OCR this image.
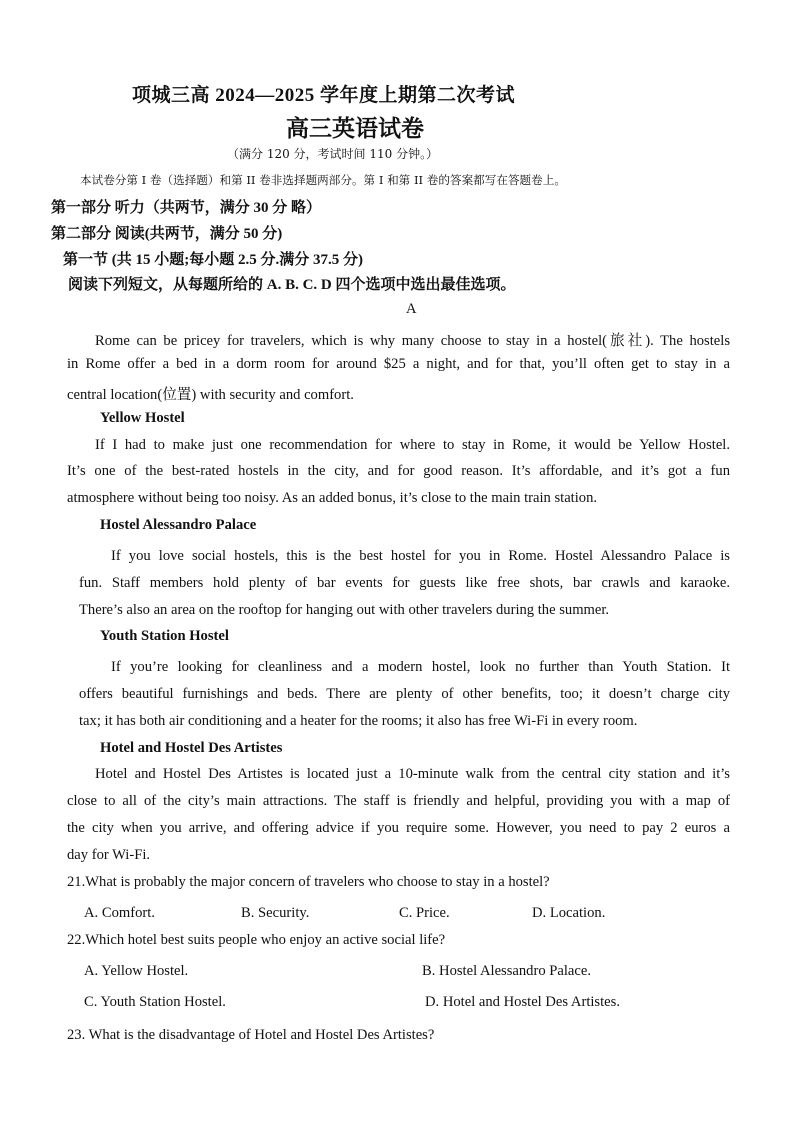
项城三高 2024—2025 学年度上期第二次考试
高三英语试卷
（满分 120 分，考试时间 110 分钟。）
本试卷分第 I 卷（选择题）和第 II 卷非选择题两部分。第 I 和第 II 卷的答案都写在答题卷上。
第一部分 听力（共两节，满分 30 分 略）
第二部分 阅读(共两节，满分 50 分)
第一节 (共 15 小题;每小题 2.5 分.满分 37.5 分)
阅读下列短文，从每题所给的 A. B. C. D 四个选项中选出最佳选项。
A
Rome can be pricey for travelers, which is why many choose to stay in a hostel(旅社). The hostels
in Rome offer a bed in a dorm room for around $25 a night, and for that, you’ll often get to stay in a
central location(位置) with security and comfort.
Yellow Hostel
If I had to make just one recommendation for where to stay in Rome, it would be Yellow Hostel.
It’s one of the best-rated hostels in the city, and for good reason. It’s affordable, and it’s got a fun
atmosphere without being too noisy. As an added bonus, it’s close to the main train station.
Hostel Alessandro Palace
If you love social hostels, this is the best hostel for you in Rome. Hostel Alessandro Palace is
fun. Staff members hold plenty of bar events for guests like free shots, bar crawls and karaoke.
There’s also an area on the rooftop for hanging out with other travelers during the summer.
Youth Station Hostel
If you’re looking for cleanliness and a modern hostel, look no further than Youth Station. It
offers beautiful furnishings and beds. There are plenty of other benefits, too; it doesn’t charge city
tax; it has both air conditioning and a heater for the rooms; it also has free Wi-Fi in every room.
Hotel and Hostel Des Artistes
Hotel and Hostel Des Artistes is located just a 10-minute walk from the central city station and it’s
close to all of the city’s main attractions. The staff is friendly and helpful, providing you with a map of
the city when you arrive, and offering advice if you require some. However, you need to pay 2 euros a
day for Wi-Fi.
21.What is probably the major concern of travelers who choose to stay in a hostel?
A. Comfort.	B. Security.	C. Price.	D. Location.
22.Which hotel best suits people who enjoy an active social life?
A. Yellow Hostel.	B. Hostel Alessandro Palace.
C. Youth Station Hostel.	D. Hotel and Hostel Des Artistes.
23. What is the disadvantage of Hotel and Hostel Des Artistes?
